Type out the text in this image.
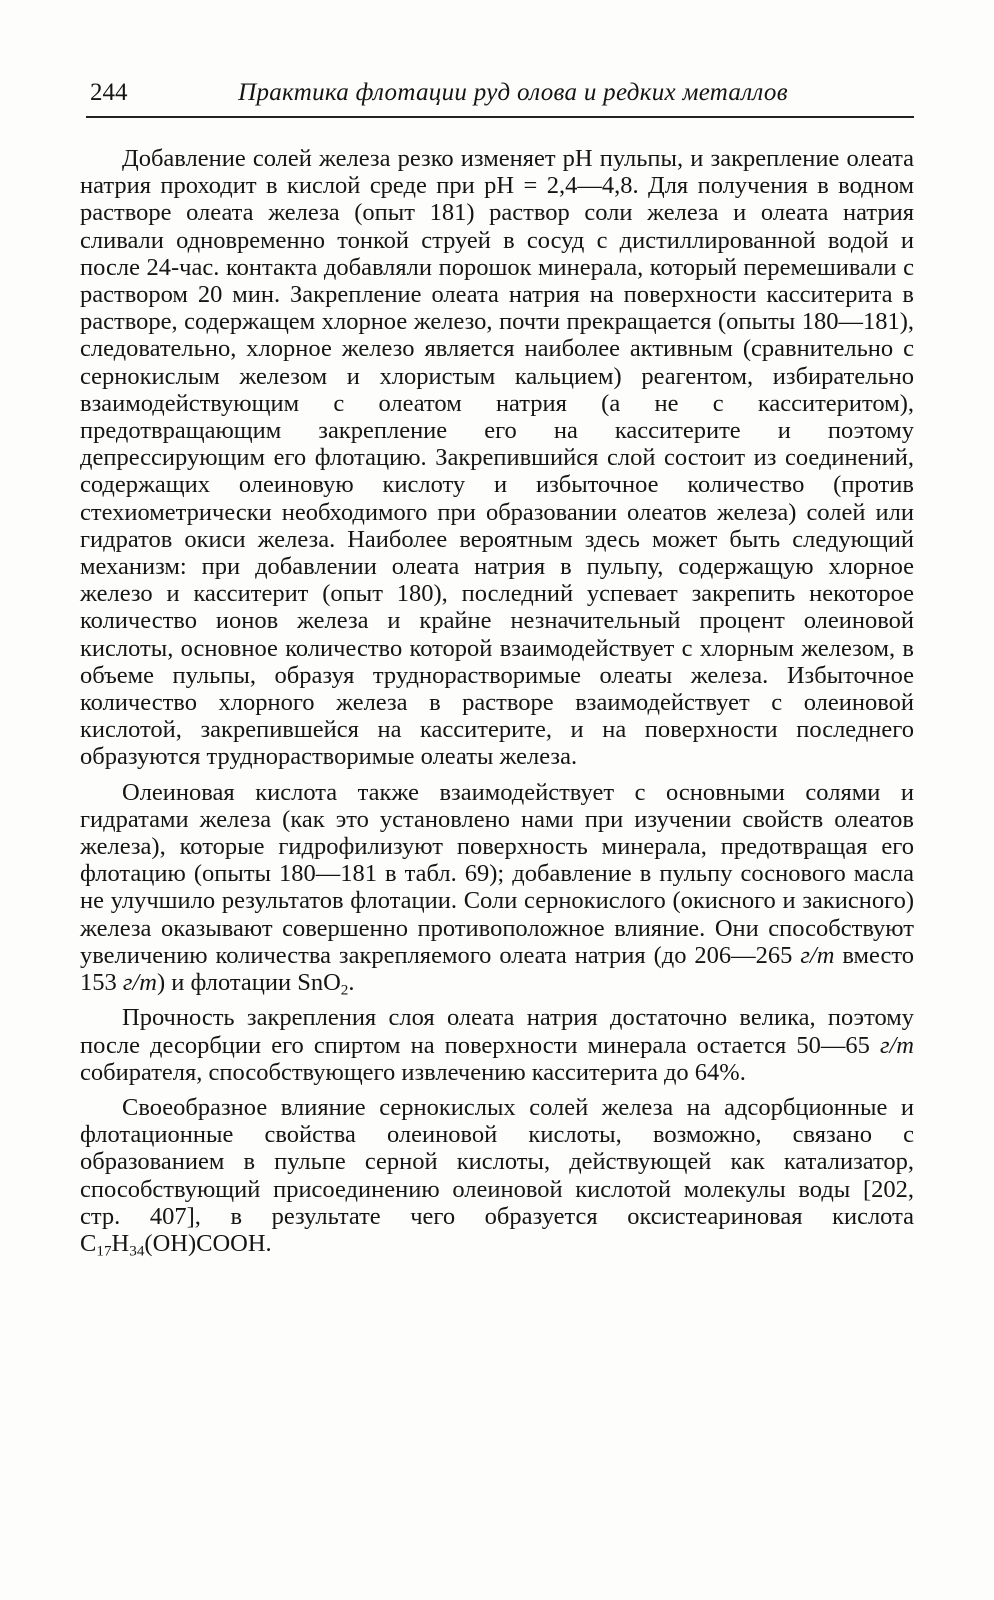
244	Практика флотации руд олова и редких металлов

Добавление солей железа резко изменяет рН пульпы, и закрепление олеата натрия проходит в кислой среде при рН = 2,4—4,8. Для получения в водном растворе олеата железа (опыт 181) раствор соли железа и олеата натрия сливали одновременно тонкой струей в сосуд с дистиллированной водой и после 24-час. контакта добавляли порошок минерала, который перемешивали с раствором 20 мин. Закрепление олеата натрия на поверхности касситерита в растворе, содержащем хлорное железо, почти прекращается (опыты 180—181), следовательно, хлорное железо является наиболее активным (сравнительно с сернокислым железом и хлористым кальцием) реагентом, избирательно взаимодействующим с олеатом натрия (а не с касситеритом), предотвращающим закрепление его на касситерите и поэтому депрессирующим его флотацию. Закрепившийся слой состоит из соединений, содержащих олеиновую кислоту и избыточное количество (против стехиометрически необходимого при образовании олеатов железа) солей или гидратов окиси железа. Наиболее вероятным здесь может быть следующий механизм: при добавлении олеата натрия в пульпу, содержащую хлорное железо и касситерит (опыт 180), последний успевает закрепить некоторое количество ионов железа и крайне незначительный процент олеиновой кислоты, основное количество которой взаимодействует с хлорным железом, в объеме пульпы, образуя труднорастворимые олеаты железа. Избыточное количество хлорного железа в растворе взаимодействует с олеиновой кислотой, закрепившейся на касситерите, и на поверхности последнего образуются труднорастворимые олеаты железа.

Олеиновая кислота также взаимодействует с основными солями и гидратами железа (как это установлено нами при изучении свойств олеатов железа), которые гидрофилизуют поверхность минерала, предотвращая его флотацию (опыты 180—181 в табл. 69); добавление в пульпу соснового масла не улучшило результатов флотации. Соли сернокислого (окисного и закисного) железа оказывают совершенно противоположное влияние. Они способствуют увеличению количества закрепляемого олеата натрия (до 206—265 г/т вместо 153 г/т) и флотации SnO$_2$.

Прочность закрепления слоя олеата натрия достаточно велика, поэтому после десорбции его спиртом на поверхности минерала остается 50—65 г/т собирателя, способствующего извлечению касситерита до 64%.

Своеобразное влияние сернокислых солей железа на адсорбционные и флотационные свойства олеиновой кислоты, возможно, связано с образованием в пульпе серной кислоты, действующей как катализатор, способствующий присоединению олеиновой кислотой молекулы воды [202, стр. 407], в результате чего образуется оксистеариновая кислота $C_{17}H_{34}(OH)COOH$.
